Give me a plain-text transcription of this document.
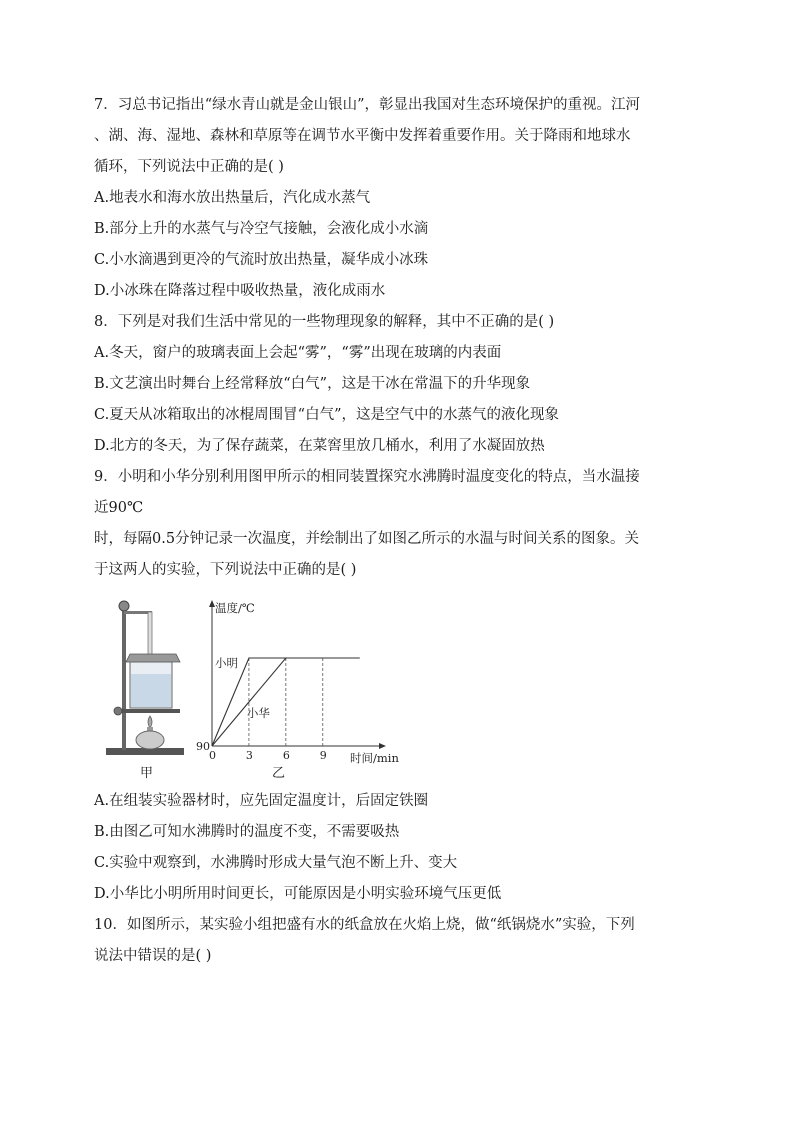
7．习总书记指出“绿水青山就是金山银山”，彰显出我国对生态环境保护的重视。江河

、湖、海、湿地、森林和草原等在调节水平衡中发挥着重要作用。关于降雨和地球水

循环，下列说法中正确的是( )

A.地表水和海水放出热量后，汽化成水蒸气

B.部分上升的水蒸气与冷空气接触，会液化成小水滴

C.小水滴遇到更冷的气流时放出热量，凝华成小冰珠

D.小冰珠在降落过程中吸收热量，液化成雨水

8．下列是对我们生活中常见的一些物理现象的解释，其中不正确的是( )

A.冬天，窗户的玻璃表面上会起“雾”，“雾”出现在玻璃的内表面

B.文艺演出时舞台上经常释放“白气”，这是干冰在常温下的升华现象

C.夏天从冰箱取出的冰棍周围冒“白气”，这是空气中的水蒸气的液化现象

D.北方的冬天，为了保存蔬菜，在菜窖里放几桶水，利用了水凝固放热

9．小明和小华分别利用图甲所示的相同装置探究水沸腾时温度变化的特点，当水温接

近90℃

时，每隔0.5分钟记录一次温度，并绘制出了如图乙所示的水温与时间关系的图象。关

于这两人的实验，下列说法中正确的是( )

甲
温度/℃
时间/min
0	3	6	9
90
小明
小华
乙

A.在组装实验器材时，应先固定温度计，后固定铁圈

B.由图乙可知水沸腾时的温度不变，不需要吸热

C.实验中观察到，水沸腾时形成大量气泡不断上升、变大

D.小华比小明所用时间更长，可能原因是小明实验环境气压更低

10．如图所示，某实验小组把盛有水的纸盒放在火焰上烧，做“纸锅烧水”实验，下列

说法中错误的是( )
